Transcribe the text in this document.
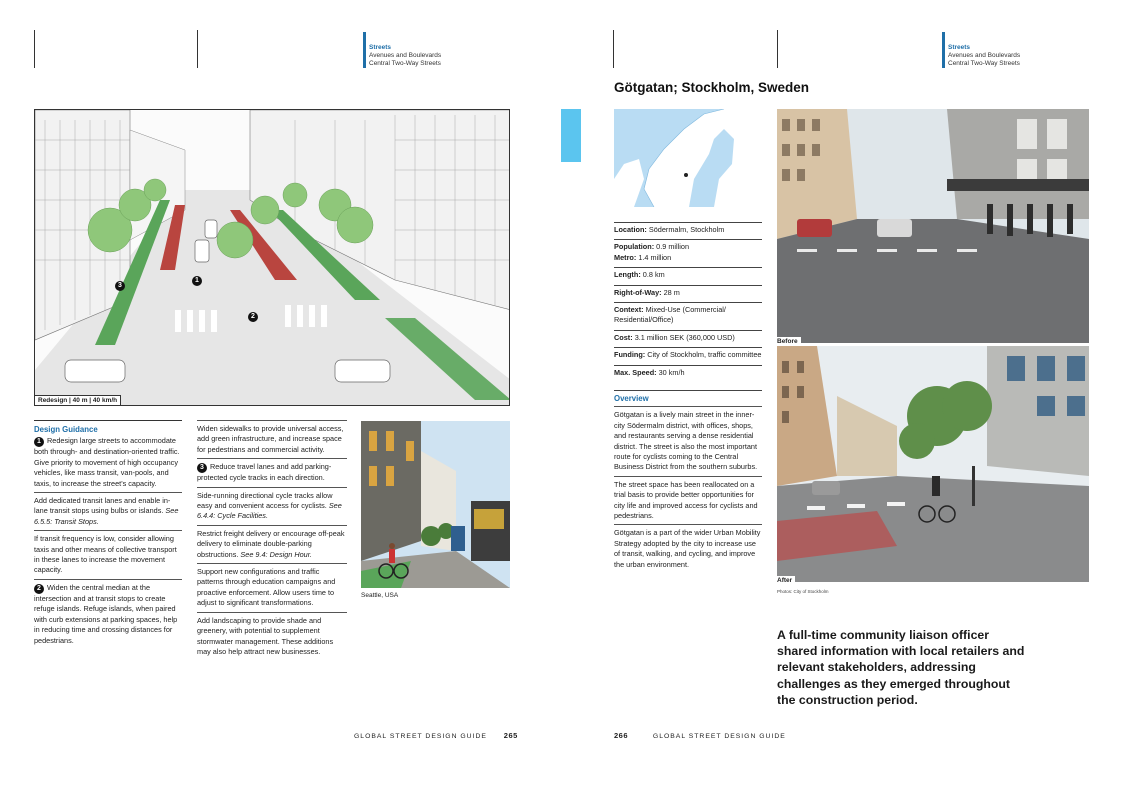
Streets
Avenues and Boulevards
Central Two-Way Streets
3
1
2
Redesign | 40 m | 40 km/h
Design Guidance

1 Redesign large streets to accommodate both through- and destination-oriented traffic. Give priority to movement of high occupancy vehicles, like mass transit, van-pools, and taxis, to increase the street's capacity.

Add dedicated transit lanes and enable in-lane transit stops using bulbs or islands. See 6.5.5: Transit Stops.
If transit frequency is low, consider allowing taxis and other means of collective transport in these lanes to increase the movement capacity.
2 Widen the central median at the intersection and at transit stops to create refuge islands. Refuge islands, when paired with curb extensions at parking spaces, help in reducing time and crossing distances for pedestrians.
Widen sidewalks to provide universal access, add green infrastructure, and increase space for pedestrians and commercial activity.
3 Reduce travel lanes and add parking-protected cycle tracks in each direction.
Side-running directional cycle tracks allow easy and convenient access for cyclists. See 6.4.4: Cycle Facilities.
Restrict freight delivery or encourage off-peak delivery to eliminate double-parking obstructions. See 9.4: Design Hour.
Support new configurations and traffic patterns through education campaigns and proactive enforcement. Allow users time to adjust to significant transformations.
Add landscaping to provide shade and greenery, with potential to supplement stormwater management. These additions may also help attract new businesses.
Seattle, USA
GLOBAL STREET DESIGN GUIDE 265
Streets
Avenues and Boulevards
Central Two-Way Streets
Götgatan; Stockholm, Sweden
CASE STUDY
Location: Södermalm, Stockholm
Population: 0.9 million
Metro: 1.4 million
Length: 0.8 km
Right-of-Way: 28 m
Context: Mixed-Use (Commercial/ Residential/Office)
Cost: 3.1 million SEK (360,000 USD)
Funding: City of Stockholm, traffic committee
Max. Speed: 30 km/h
Overview
Götgatan is a lively main street in the inner-city Södermalm district, with offices, shops, and restaurants serving a dense residential district. The street is also the most important route for cyclists coming to the Central Business District from the southern suburbs.
The street space has been reallocated on a trial basis to provide better opportunities for city life and improved access for cyclists and pedestrians.
Götgatan is a part of the wider Urban Mobility Strategy adopted by the city to increase use of transit, walking, and cycling, and improve the urban environment.
Before
After
Photos: City of Stockholm
A full-time community liaison officer shared information with local retailers and relevant stakeholders, addressing challenges as they emerged throughout the construction period.
266	GLOBAL STREET DESIGN GUIDE
